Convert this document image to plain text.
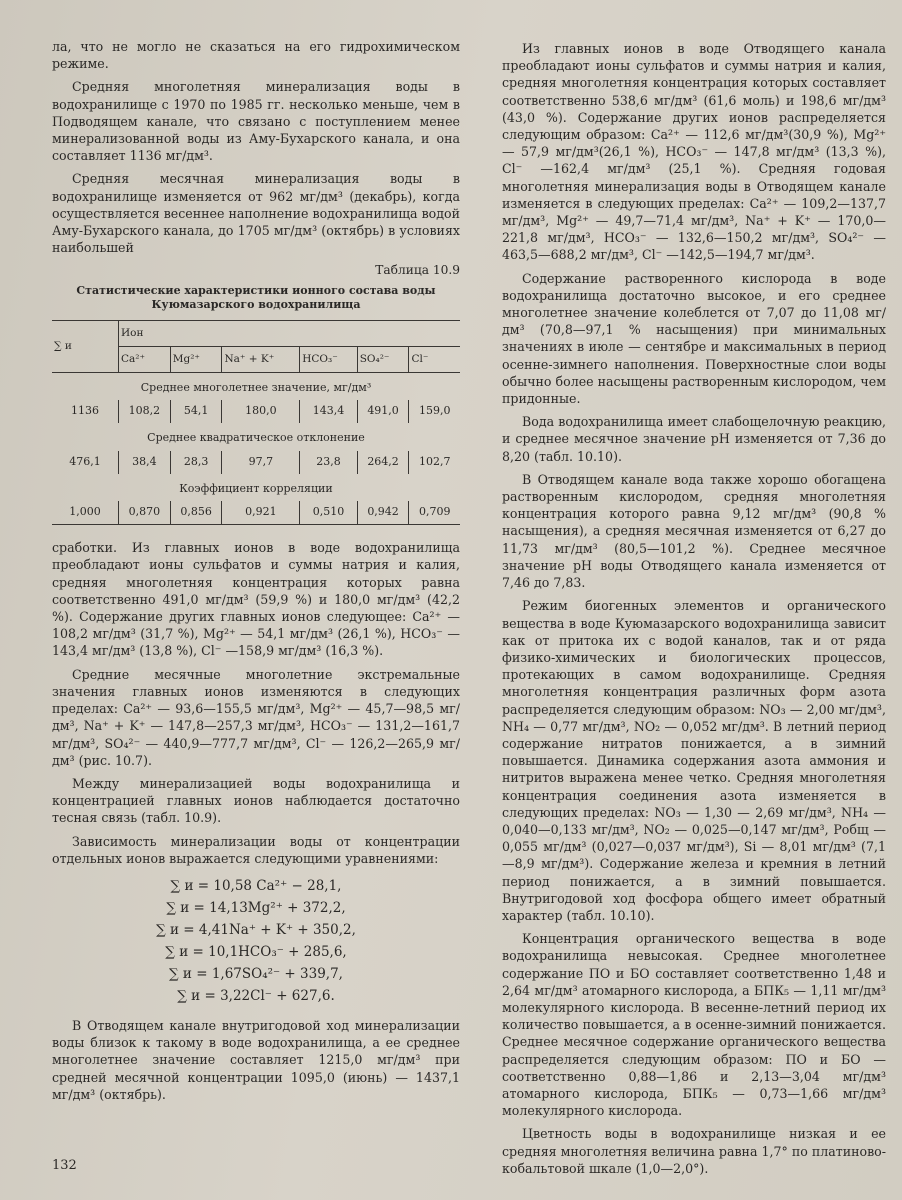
ла, что не могло не сказаться на его гидрохимическом режиме.

Средняя многолетняя минерализация воды в водохранилище с 1970 по 1985 гг. несколько меньше, чем в Подводящем канале, что связано с поступлением менее минерализованной воды из Аму-Бухарского канала, и она составляет 1136 мг/дм³.

Средняя месячная минерализация воды в водохранилище изменяется от 962 мг/дм³ (декабрь), когда осуществляется весеннее наполнение водохранилища водой Аму-Бухарского канала, до 1705 мг/дм³ (октябрь) в условиях наибольшей

Таблица 10.9
Статистические характеристики ионного состава воды
Куюмазарского водохранилища
∑ и	Ион					
	Ca²⁺	Mg²⁺	Na⁺ + K⁺	HCO₃⁻	SO₄²⁻	Cl⁻
Среднее многолетнее значение, мг/дм³						
1136	108,2	54,1	180,0	143,4	491,0	159,0
Среднее квадратическое отклонение						
476,1	38,4	28,3	97,7	23,8	264,2	102,7
Коэффициент корреляции						
1,000	0,870	0,856	0,921	0,510	0,942	0,709

сработки. Из главных ионов в воде водохранилища преобладают ионы сульфатов и суммы натрия и калия, средняя многолетняя концентрация которых равна соответственно 491,0 мг/дм³ (59,9 %) и 180,0 мг/дм³ (42,2 %). Содержание других главных ионов следующее: Ca²⁺ — 108,2 мг/дм³ (31,7 %), Mg²⁺ — 54,1 мг/дм³ (26,1 %), HCO₃⁻ — 143,4 мг/дм³ (13,8 %), Cl⁻ —158,9 мг/дм³ (16,3 %).

Средние месячные многолетние экстремальные значения главных ионов изменяются в следующих пределах: Ca²⁺ — 93,6—155,5 мг/дм³, Mg²⁺ — 45,7—98,5 мг/дм³, Na⁺ + K⁺ — 147,8—257,3 мг/дм³, HCO₃⁻ — 131,2—161,7 мг/дм³, SO₄²⁻ — 440,9—777,7 мг/дм³, Cl⁻ — 126,2—265,9 мг/дм³ (рис. 10.7).

Между минерализацией воды водохранилища и концентрацией главных ионов наблюдается достаточно тесная связь (табл. 10.9).

Зависимость минерализации воды от концентрации отдельных ионов выражается следующими уравнениями:

∑ и = 10,58 Ca²⁺ − 28,1,
∑ и = 14,13Mg²⁺ + 372,2,
∑ и = 4,41Na⁺ + K⁺ + 350,2,
∑ и = 10,1HCO₃⁻ + 285,6,
∑ и = 1,67SO₄²⁻ + 339,7,
∑ и = 3,22Cl⁻ + 627,6.

В Отводящем канале внутригодовой ход минерализации воды близок к такому в воде водохранилища, а ее среднее многолетнее значение составляет 1215,0 мг/дм³ при средней месячной концентрации 1095,0 (июнь) — 1437,1 мг/дм³ (октябрь).

Из главных ионов в воде Отводящего канала преобладают ионы сульфатов и суммы натрия и калия, средняя многолетняя концентрация которых составляет соответственно 538,6 мг/дм³ (61,6 моль) и 198,6 мг/дм³ (43,0 %). Содержание других ионов распределяется следующим образом: Ca²⁺ — 112,6 мг/дм³(30,9 %), Mg²⁺ — 57,9 мг/дм³(26,1 %), HCO₃⁻ — 147,8 мг/дм³ (13,3 %), Cl⁻ —162,4 мг/дм³ (25,1 %). Средняя годовая многолетняя минерализация воды в Отводящем канале изменяется в следующих пределах: Ca²⁺ — 109,2—137,7 мг/дм³, Mg²⁺ — 49,7—71,4 мг/дм³, Na⁺ + K⁺ — 170,0—221,8 мг/дм³, HCO₃⁻ — 132,6—150,2 мг/дм³, SO₄²⁻ — 463,5—688,2 мг/дм³, Cl⁻ —142,5—194,7 мг/дм³.

Содержание растворенного кислорода в воде водохранилища достаточно высокое, и его среднее многолетнее значение колеблется от 7,07 до 11,08 мг/дм³ (70,8—97,1 % насыщения) при минимальных значениях в июле — сентябре и максимальных в период осенне-зимнего наполнения. Поверхностные слои воды обычно более насыщены растворенным кислородом, чем придонные.

Вода водохранилища имеет слабощелочную реакцию, и среднее месячное значение pH изменяется от 7,36 до 8,20 (табл. 10.10).

В Отводящем канале вода также хорошо обогащена растворенным кислородом, средняя многолетняя концентрация которого равна 9,12 мг/дм³ (90,8 % насыщения), а средняя месячная изменяется от 6,27 до 11,73 мг/дм³ (80,5—101,2 %). Среднее месячное значение pH воды Отводящего канала изменяется от 7,46 до 7,83.

Режим биогенных элементов и органического вещества в воде Куюмазарского водохранилища зависит как от притока их с водой каналов, так и от ряда физико-химических и биологических процессов, протекающих в самом водохранилище. Средняя многолетняя концентрация различных форм азота распределяется следующим образом: NO₃ — 2,00 мг/дм³, NH₄ — 0,77 мг/дм³, NO₂ — 0,052 мг/дм³. В летний период содержание нитратов понижается, а в зимний повышается. Динамика содержания азота аммония и нитритов выражена менее четко. Средняя многолетняя концентрация соединения азота изменяется в следующих пределах: NO₃ — 1,30 — 2,69 мг/дм³, NH₄ — 0,040—0,133 мг/дм³, NO₂ — 0,025—0,147 мг/дм³, Pобщ — 0,055 мг/дм³ (0,027—0,037 мг/дм³), Si — 8,01 мг/дм³ (7,1—8,9 мг/дм³). Содержание железа и кремния в летний период понижается, а в зимний повышается. Внутригодовой ход фосфора общего имеет обратный характер (табл. 10.10).

Концентрация органического вещества в воде водохранилища невысокая. Среднее многолетнее содержание ПО и БО составляет соответственно 1,48 и 2,64 мг/дм³ атомарного кислорода, а БПК₅ — 1,11 мг/дм³ молекулярного кислорода. В весенне-летний период их количество повышается, а в осенне-зимний понижается. Среднее месячное содержание органического вещества распределяется следующим образом: ПО и БО — соответственно 0,88—1,86 и 2,13—3,04 мг/дм³ атомарного кислорода, БПК₅ — 0,73—1,66 мг/дм³ молекулярного кислорода.

Цветность воды в водохранилище низкая и ее средняя многолетняя величина равна 1,7° по платиново-кобальтовой шкале (1,0—2,0°).

132
